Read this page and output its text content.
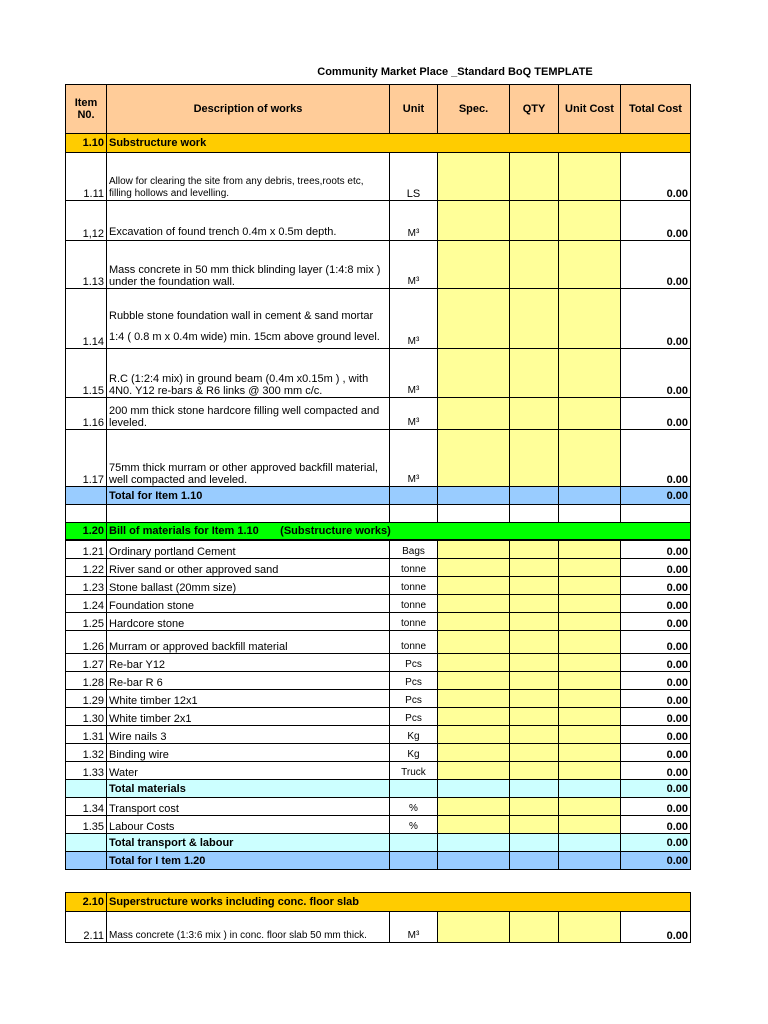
Community Market Place _Standard BoQ TEMPLATE
Item N0.	Description of works	Unit	Spec.	QTY	Unit Cost	Total Cost
1.10	Substructure work					
1.11	Allow for clearing the site from any debris, trees,roots etc, filling hollows and levelling.	LS				0.00
1,12	Excavation of found trench 0.4m x 0.5m depth.	M³				0.00
1.13	Mass concrete in 50 mm thick blinding layer (1:4:8 mix ) under the foundation wall.	M³				0.00
1.14	Rubble stone foundation wall in cement & sand mortar 1:4 ( 0.8 m x 0.4m wide) min. 15cm above ground level.	M³				0.00
1.15	R.C (1:2:4 mix) in ground beam (0.4m x0.15m ) , with 4N0. Y12 re-bars & R6 links @ 300 mm c/c.	M³				0.00
1.16	200 mm thick stone hardcore filling well compacted and leveled.	M³				0.00
1.17	75mm thick murram or other approved backfill material, well compacted and leveled.	M³				0.00
	Total for Item 1.10					0.00

1.20	Bill of materials for Item 1.10       (Substructure works)					
1.21	Ordinary portland Cement	Bags				0.00
1.22	River sand or other approved sand	tonne				0.00
1.23	Stone ballast (20mm size)	tonne				0.00
1.24	Foundation stone	tonne				0.00
1.25	Hardcore stone	tonne				0.00
1.26	Murram or approved backfill material	tonne				0.00
1.27	Re-bar Y12	Pcs				0.00
1.28	Re-bar R 6	Pcs				0.00
1.29	White timber 12x1	Pcs				0.00
1.30	White timber 2x1	Pcs				0.00
1.31	Wire nails 3	Kg				0.00
1.32	Binding wire	Kg				0.00
1.33	Water	Truck				0.00
	Total materials					0.00
1.34	Transport cost	%				0.00
1.35	Labour Costs	%				0.00
	Total transport & labour					0.00
	Total for I tem 1.20					0.00
2.10	Superstructure works including conc. floor slab					
2.11	Mass concrete (1:3:6 mix ) in conc. floor slab 50 mm thick.	M³				0.00
